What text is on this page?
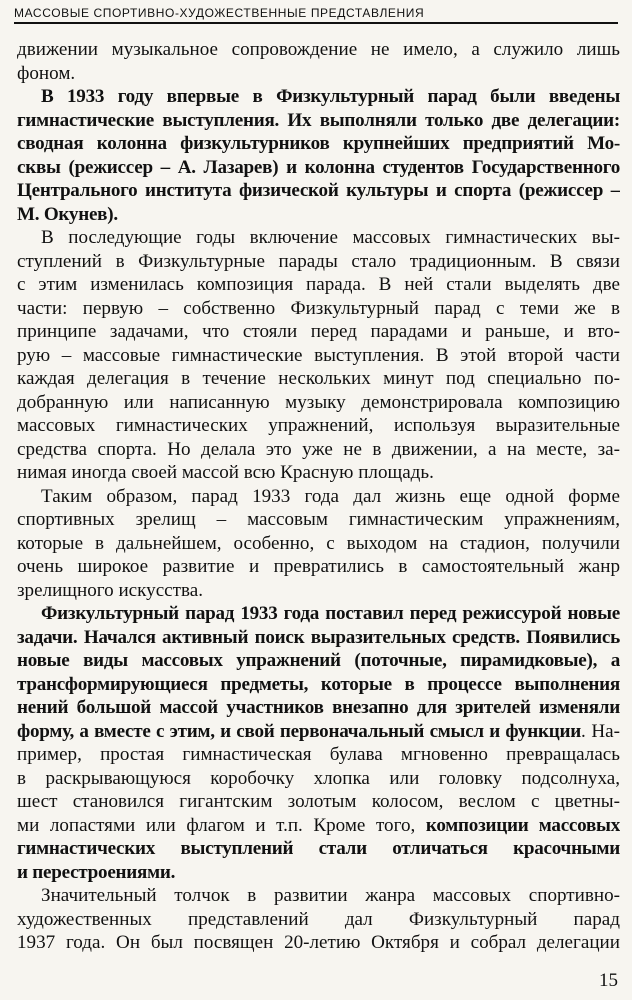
МАССОВЫЕ СПОРТИВНО-ХУДОЖЕСТВЕННЫЕ ПРЕДСТАВЛЕНИЯ
движении музыкальное сопровождение не имело, а служило лишь
фоном.
В 1933 году впервые в Физкультурный парад были введены
гимнастические выступления. Их выполняли только две делегации:
сводная колонна физкультурников крупнейших предприятий Мо-
сквы (режиссер – А. Лазарев) и колонна студентов Государственного
Центрального института физической культуры и спорта (режиссер –
М. Окунев).
В последующие годы включение массовых гимнастических вы-
ступлений в Физкультурные парады стало традиционным. В связи
с этим изменилась композиция парада. В ней стали выделять две
части: первую – собственно Физкультурный парад с теми же в
принципе задачами, что стояли перед парадами и раньше, и вто-
рую – массовые гимнастические выступления. В этой второй части
каждая делегация в течение нескольких минут под специально по-
добранную или написанную музыку демонстрировала композицию
массовых гимнастических упражнений, используя выразительные
средства спорта. Но делала это уже не в движении, а на месте, за-
нимая иногда своей массой всю Красную площадь.
Таким образом, парад 1933 года дал жизнь еще одной форме
спортивных зрелищ – массовым гимнастическим упражнениям,
которые в дальнейшем, особенно, с выходом на стадион, получили
очень широкое развитие и превратились в самостоятельный жанр
зрелищного искусства.
Физкультурный парад 1933 года поставил перед режиссурой новые
задачи. Начался активный поиск выразительных средств. Появились
новые виды массовых упражнений (поточные, пирамидковые), а
трансформирующиеся предметы, которые в процессе выполнения
нений большой массой участников внезапно для зрителей изменяли
форму, а вместе с этим, и свой первоначальный смысл и функции. На-
пример, простая гимнастическая булава мгновенно превращалась
в раскрывающуюся коробочку хлопка или головку подсолнуха,
шест становился гигантским золотым колосом, веслом с цветны-
ми лопастями или флагом и т.п. Кроме того, композиции массовых
гимнастических выступлений стали отличаться красочными
и перестроениями.
Значительный толчок в развитии жанра массовых спортивно-
художественных представлений дал Физкультурный парад
1937 года. Он был посвящен 20-летию Октября и собрал делегации
15
